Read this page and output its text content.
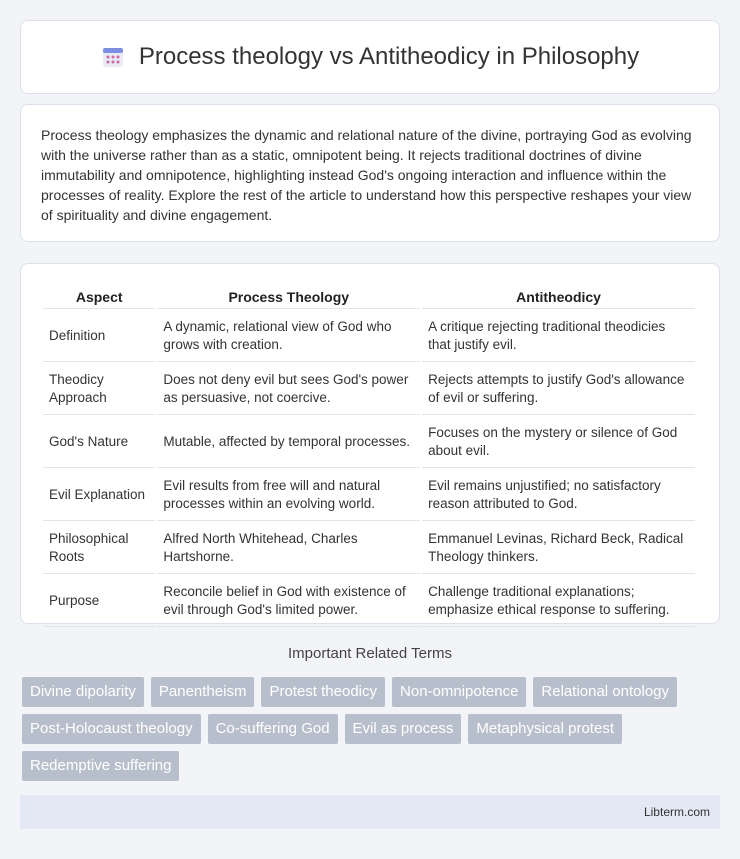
Process theology vs Antitheodicy in Philosophy

Process theology emphasizes the dynamic and relational nature of the divine, portraying God as evolving with the universe rather than as a static, omnipotent being. It rejects traditional doctrines of divine immutability and omnipotence, highlighting instead God's ongoing interaction and influence within the processes of reality. Explore the rest of the article to understand how this perspective reshapes your view of spirituality and divine engagement.

Aspect	Process Theology	Antitheodicy
Definition	A dynamic, relational view of God who grows with creation.	A critique rejecting traditional theodicies that justify evil.
Theodicy Approach	Does not deny evil but sees God's power as persuasive, not coercive.	Rejects attempts to justify God's allowance of evil or suffering.
God's Nature	Mutable, affected by temporal processes.	Focuses on the mystery or silence of God about evil.
Evil Explanation	Evil results from free will and natural processes within an evolving world.	Evil remains unjustified; no satisfactory reason attributed to God.
Philosophical Roots	Alfred North Whitehead, Charles Hartshorne.	Emmanuel Levinas, Richard Beck, Radical Theology thinkers.
Purpose	Reconcile belief in God with existence of evil through God's limited power.	Challenge traditional explanations; emphasize ethical response to suffering.
Important Related Terms
Divine dipolarity	Panentheism	Protest theodicy	Non-omnipotence	Relational ontology
Post-Holocaust theology	Co-suffering God	Evil as process	Metaphysical protest
Redemptive suffering
Libterm.com
